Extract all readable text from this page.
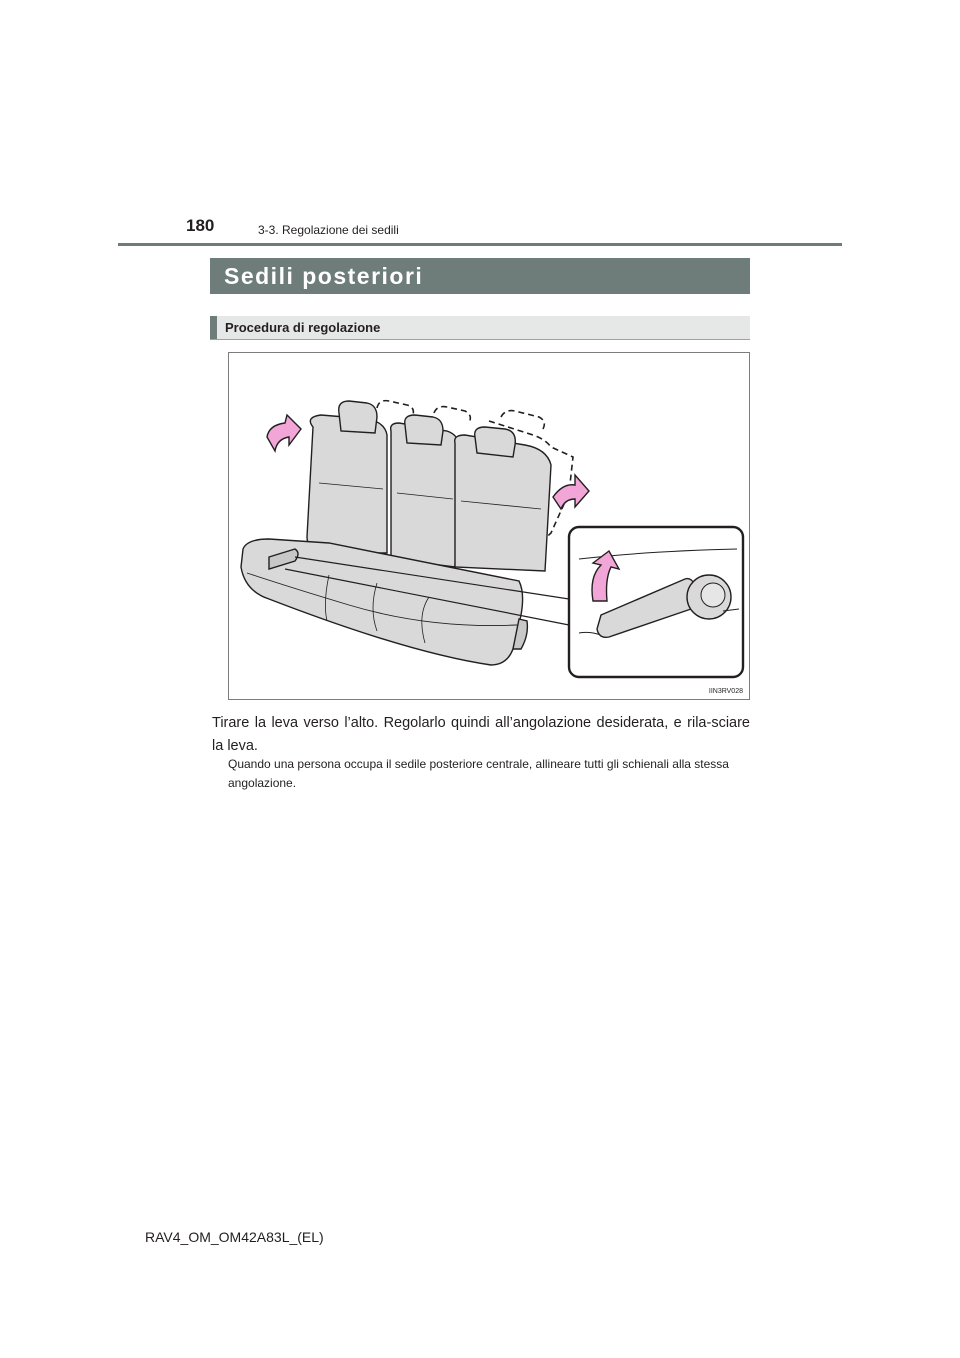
180	3-3. Regolazione dei sedili
Sedili posteriori
Procedura di regolazione
IIN3RV028
Tirare la leva verso l’alto. Regolarlo quindi all’angolazione desiderata, e rila-sciare la leva.
Quando una persona occupa il sedile posteriore centrale, allineare tutti gli schienali alla stessa angolazione.
RAV4_OM_OM42A83L_(EL)
